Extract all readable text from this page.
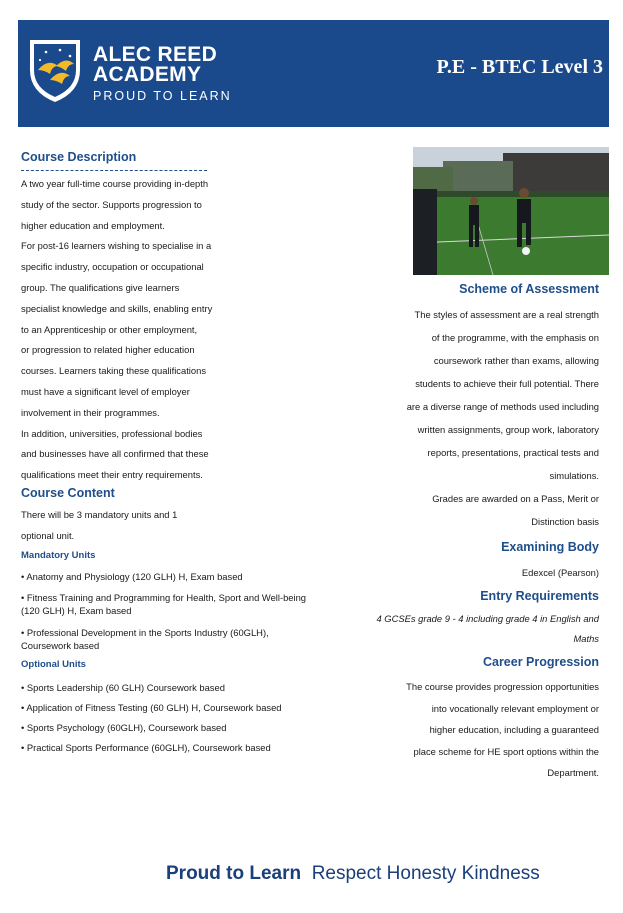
ALEC REED
ACADEMY
PROUD TO LEARN
P.E - BTEC Level 3
Course Description
A two year full-time course providing in-depth
study of the sector. Supports progression to
higher education and employment.
For post-16 learners wishing to specialise in a
specific industry, occupation or occupational
group. The qualifications give learners
specialist knowledge and skills, enabling entry
to an Apprenticeship or other employment,
or progression to related higher education
courses. Learners taking these qualifications
must have a significant level of employer
involvement in their programmes.
In addition, universities, professional bodies
and businesses have all confirmed that these
qualifications meet their entry requirements.
Course Content
There will be 3 mandatory units and 1
optional unit.
Mandatory Units
• Anatomy and Physiology (120 GLH) H, Exam based
• Fitness Training and Programming for Health, Sport and Well-being (120 GLH) H, Exam based
• Professional Development in the Sports Industry (60GLH), Coursework based
Optional Units
• Sports Leadership (60 GLH) Coursework based
• Application of Fitness Testing (60 GLH) H, Coursework based
• Sports Psychology (60GLH), Coursework based
• Practical Sports Performance (60GLH), Coursework based
Scheme of Assessment
The styles of assessment are a real strength
of the programme, with the emphasis on
coursework rather than exams, allowing
students to achieve their full potential. There
are a diverse range of methods used including
written assignments, group work, laboratory
reports, presentations, practical tests and
simulations.
Grades are awarded on a Pass, Merit or
Distinction basis
Examining Body
Edexcel (Pearson)
Entry Requirements
4 GCSEs grade 9 - 4 including grade 4 in English and
Maths
Career Progression
The course provides progression opportunities
into vocationally relevant employment or
higher education, including a guaranteed
place scheme for HE sport options within the
Department.
Proud to Learn Respect Honesty Kindness
